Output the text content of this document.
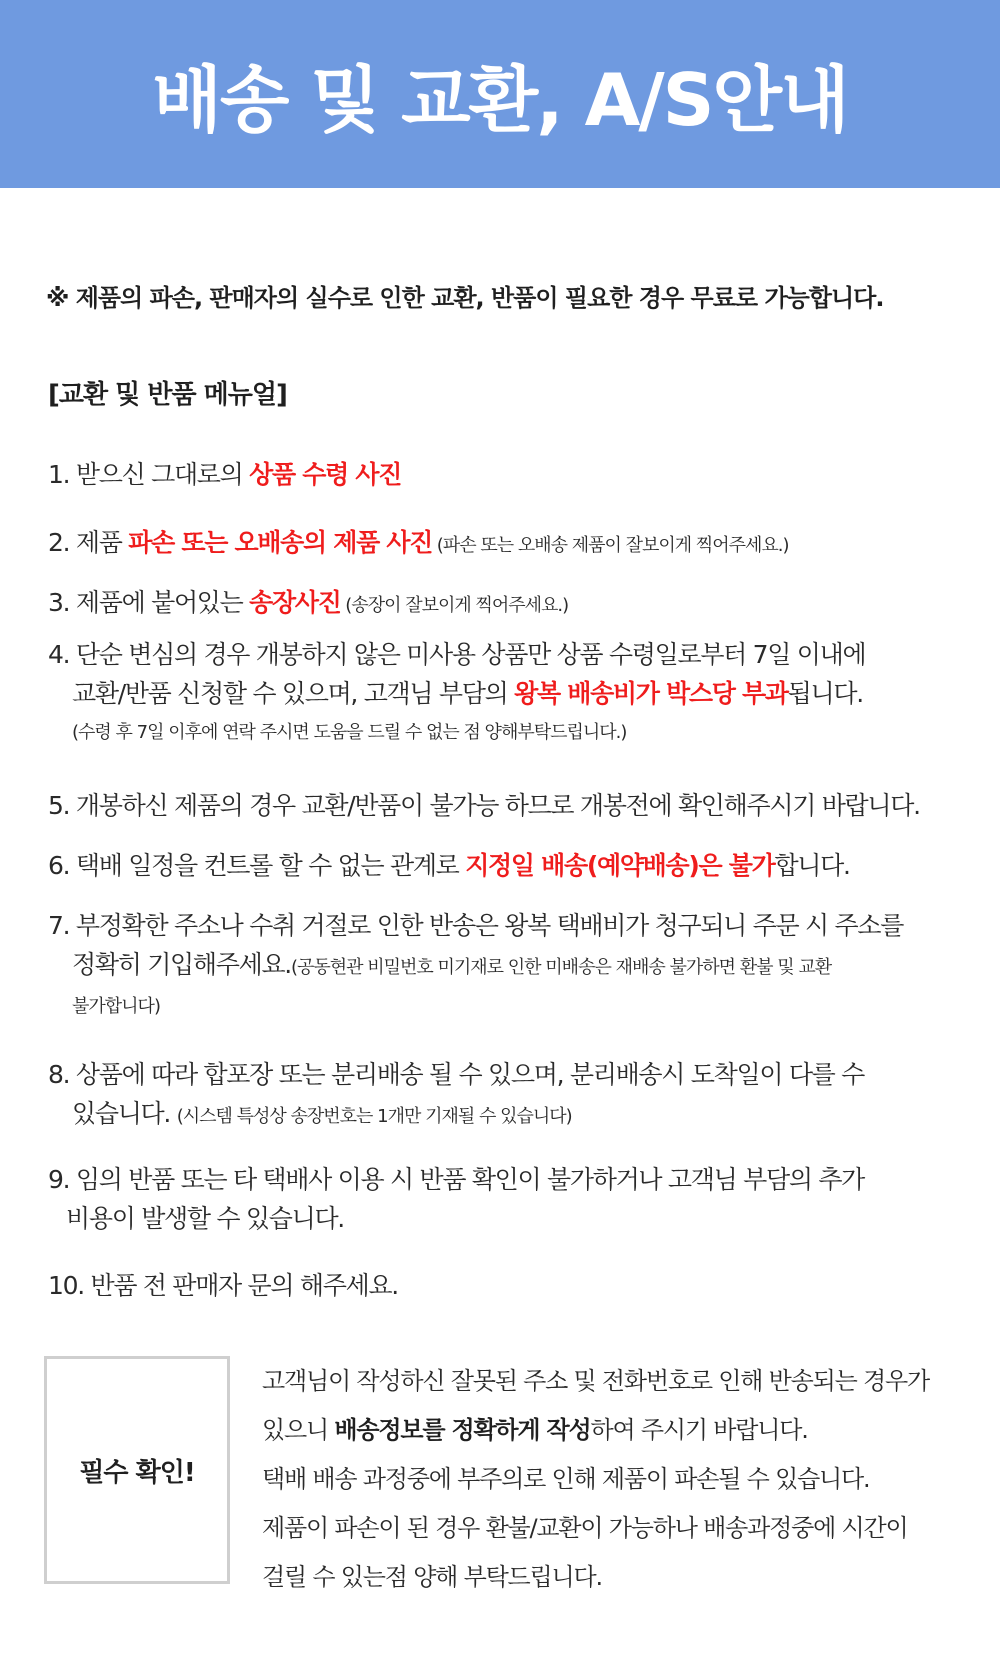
배송 및 교환, A/S안내
※ 제품의 파손, 판매자의 실수로 인한 교환, 반품이 필요한 경우 무료로 가능합니다.
[교환 및 반품 메뉴얼]
1. 받으신 그대로의 상품 수령 사진
2. 제품 파손 또는 오배송의 제품 사진 (파손 또는 오배송 제품이 잘보이게 찍어주세요.)
3. 제품에 붙어있는 송장사진 (송장이 잘보이게 찍어주세요.)
4. 단순 변심의 경우 개봉하지 않은 미사용 상품만 상품 수령일로부터 7일 이내에
교환/반품 신청할 수 있으며, 고객님 부담의 왕복 배송비가 박스당 부과됩니다.
(수령 후 7일 이후에 연락 주시면 도움을 드릴 수 없는 점 양해부탁드립니다.)
5. 개봉하신 제품의 경우 교환/반품이 불가능 하므로 개봉전에 확인해주시기 바랍니다.
6. 택배 일정을 컨트롤 할 수 없는 관계로 지정일 배송(예약배송)은 불가합니다.
7. 부정확한 주소나 수취 거절로 인한 반송은 왕복 택배비가 청구되니 주문 시 주소를
정확히 기입해주세요.(공동현관 비밀번호 미기재로 인한 미배송은 재배송 불가하면 환불 및 교환
불가합니다)
8. 상품에 따라 합포장 또는 분리배송 될 수 있으며, 분리배송시 도착일이 다를 수
있습니다. (시스템 특성상 송장번호는 1개만 기재될 수 있습니다)
9. 임의 반품 또는 타 택배사 이용 시 반품 확인이 불가하거나 고객님 부담의 추가
비용이 발생할 수 있습니다.
10. 반품 전 판매자 문의 해주세요.
필수 확인!
고객님이 작성하신 잘못된 주소 및 전화번호로 인해 반송되는 경우가
있으니 배송정보를 정확하게 작성하여 주시기 바랍니다.
택배 배송 과정중에 부주의로 인해 제품이 파손될 수 있습니다.
제품이 파손이 된 경우 환불/교환이 가능하나 배송과정중에 시간이
걸릴 수 있는점 양해 부탁드립니다.
